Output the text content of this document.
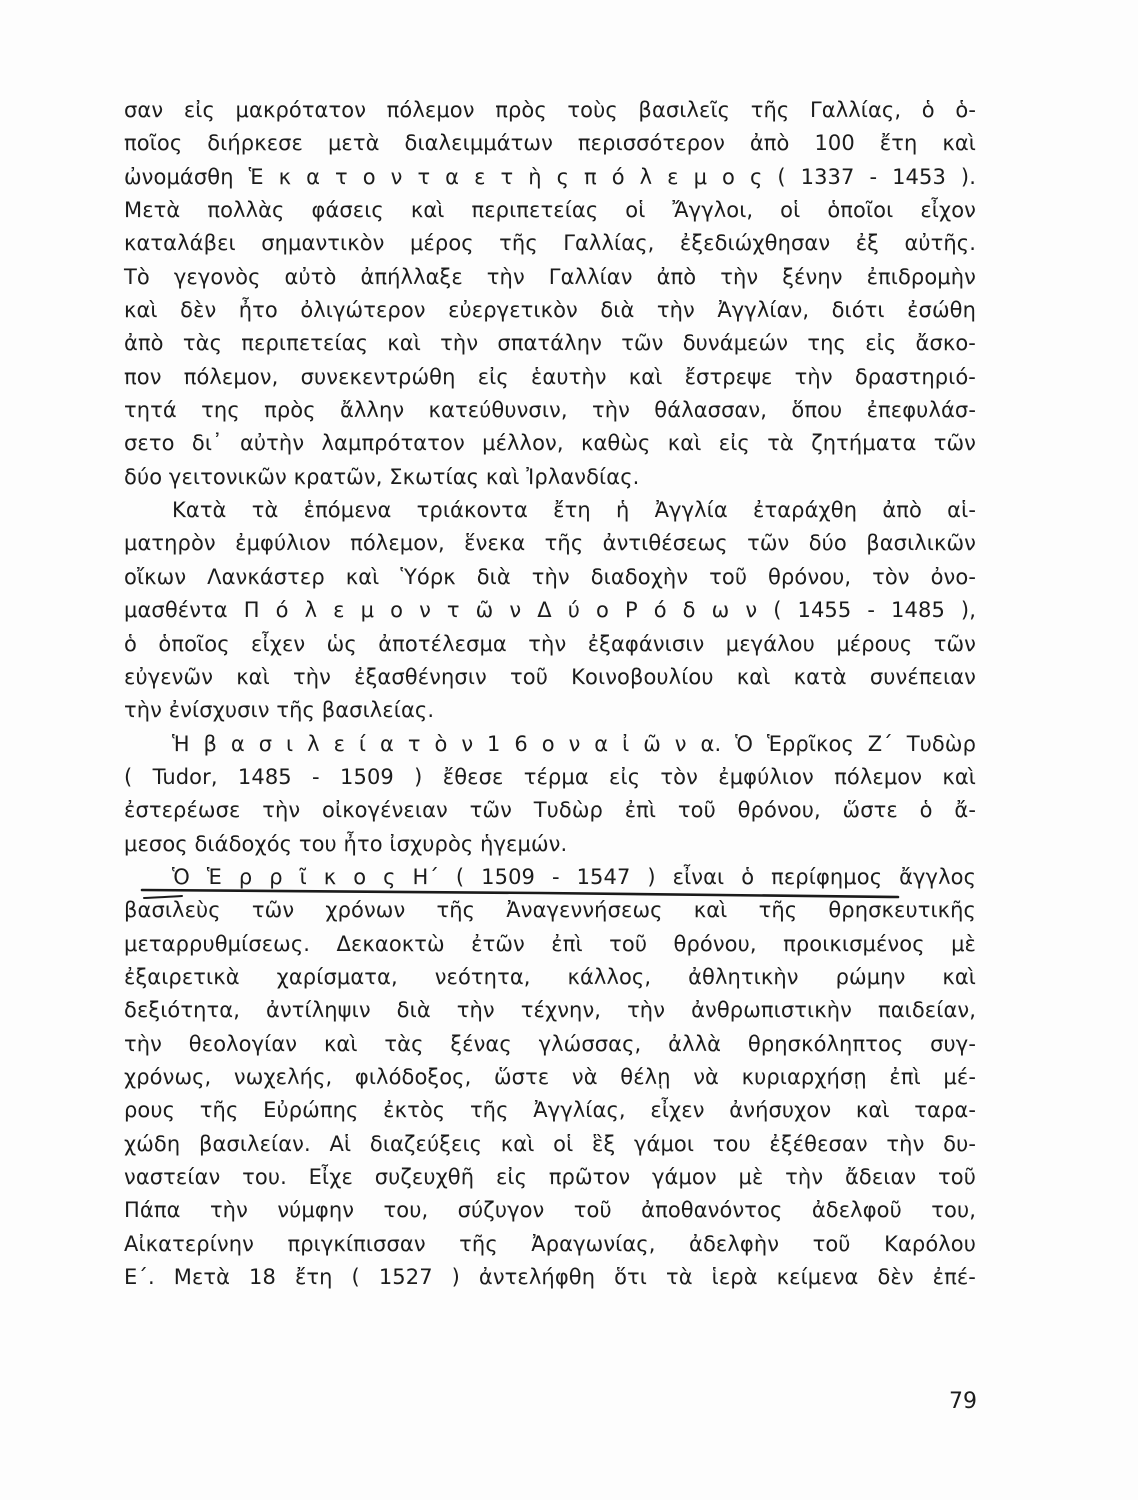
σαν εἰς μακρότατον πόλεμον πρὸς τοὺς βασιλεῖς τῆς Γαλλίας, ὁ ὁ-
ποῖος διήρκεσε μετὰ διαλειμμάτων περισσότερον ἀπὸ 100 ἔτη καὶ
ὠνομάσθη Ἑ κ α τ ο ν τ α ε τ ὴ ς π ό λ ε μ ο ς ( 1337 - 1453 ).
Μετὰ πολλὰς φάσεις καὶ περιπετείας οἱ Ἄγγλοι, οἱ ὁποῖοι εἶχον
καταλάβει σημαντικὸν μέρος τῆς Γαλλίας, ἐξεδιώχθησαν ἐξ αὐτῆς.
Τὸ γεγονὸς αὐτὸ ἀπήλλαξε τὴν Γαλλίαν ἀπὸ τὴν ξένην ἐπιδρομὴν
καὶ δὲν ἦτο ὀλιγώτερον εὐεργετικὸν διὰ τὴν Ἀγγλίαν, διότι ἐσώθη
ἀπὸ τὰς περιπετείας καὶ τὴν σπατάλην τῶν δυνάμεών της εἰς ἄσκο-
πον πόλεμον, συνεκεντρώθη εἰς ἑαυτὴν καὶ ἔστρεψε τὴν δραστηριό-
τητά της πρὸς ἄλλην κατεύθυνσιν, τὴν θάλασσαν, ὅπου ἐπεφυλάσ-
σετο δι᾽ αὐτὴν λαμπρότατον μέλλον, καθὼς καὶ εἰς τὰ ζητήματα τῶν
δύο γειτονικῶν κρατῶν, Σκωτίας καὶ Ἰρλανδίας.
Κατὰ τὰ ἑπόμενα τριάκοντα ἔτη ἡ Ἀγγλία ἐταράχθη ἀπὸ αἱ-
ματηρὸν ἐμφύλιον πόλεμον, ἕνεκα τῆς ἀντιθέσεως τῶν δύο βασιλικῶν
οἴκων Λανκάστερ καὶ Ὑόρκ διὰ τὴν διαδοχὴν τοῦ θρόνου, τὸν ὀνο-
μασθέντα Π ό λ ε μ ο ν τ ῶ ν Δ ύ ο Ρ ό δ ω ν ( 1455 - 1485 ),
ὁ ὁποῖος εἶχεν ὡς ἀποτέλεσμα τὴν ἐξαφάνισιν μεγάλου μέρους τῶν
εὐγενῶν καὶ τὴν ἐξασθένησιν τοῦ Κοινοβουλίου καὶ κατὰ συνέπειαν
τὴν ἐνίσχυσιν τῆς βασιλείας.
Ἡ β α σ ι λ ε ί α τ ὸ ν 1 6 ο ν α ἰ ῶ ν α. Ὁ Ἑρρῖκος Ζ΄ Τυδὼρ
( Tudor, 1485 - 1509 ) ἔθεσε τέρμα εἰς τὸν ἐμφύλιον πόλεμον καὶ
ἐστερέωσε τὴν οἰκογένειαν τῶν Τυδὼρ ἐπὶ τοῦ θρόνου, ὥστε ὁ ἄ-
μεσος διάδοχός του ἦτο ἰσχυρὸς ἡγεμών.
Ὁ Ἑ ρ ρ ῖ κ ο ς Η΄ ( 1509 - 1547 ) εἶναι ὁ περίφημος ἄγγλος
βασιλεὺς τῶν χρόνων τῆς Ἀναγεννήσεως καὶ τῆς θρησκευτικῆς
μεταρρυθμίσεως. Δεκαοκτὼ ἐτῶν ἐπὶ τοῦ θρόνου, προικισμένος μὲ
ἐξαιρετικὰ χαρίσματα, νεότητα, κάλλος, ἀθλητικὴν ρώμην καὶ
δεξιότητα, ἀντίληψιν διὰ τὴν τέχνην, τὴν ἀνθρωπιστικὴν παιδείαν,
τὴν θεολογίαν καὶ τὰς ξένας γλώσσας, ἀλλὰ θρησκόληπτος συγ-
χρόνως, νωχελής, φιλόδοξος, ὥστε νὰ θέλῃ νὰ κυριαρχήσῃ ἐπὶ μέ-
ρους τῆς Εὐρώπης ἐκτὸς τῆς Ἀγγλίας, εἶχεν ἀνήσυχον καὶ ταρα-
χώδη βασιλείαν. Αἱ διαζεύξεις καὶ οἱ ἓξ γάμοι του ἐξέθεσαν τὴν δυ-
ναστείαν του. Εἶχε συζευχθῆ εἰς πρῶτον γάμον μὲ τὴν ἄδειαν τοῦ
Πάπα τὴν νύμφην του, σύζυγον τοῦ ἀποθανόντος ἀδελφοῦ του,
Αἰκατερίνην πριγκίπισσαν τῆς Ἀραγωνίας, ἀδελφὴν τοῦ Καρόλου
Ε΄. Μετὰ 18 ἔτη ( 1527 ) ἀντελήφθη ὅτι τὰ ἱερὰ κείμενα δὲν ἐπέ-
79
